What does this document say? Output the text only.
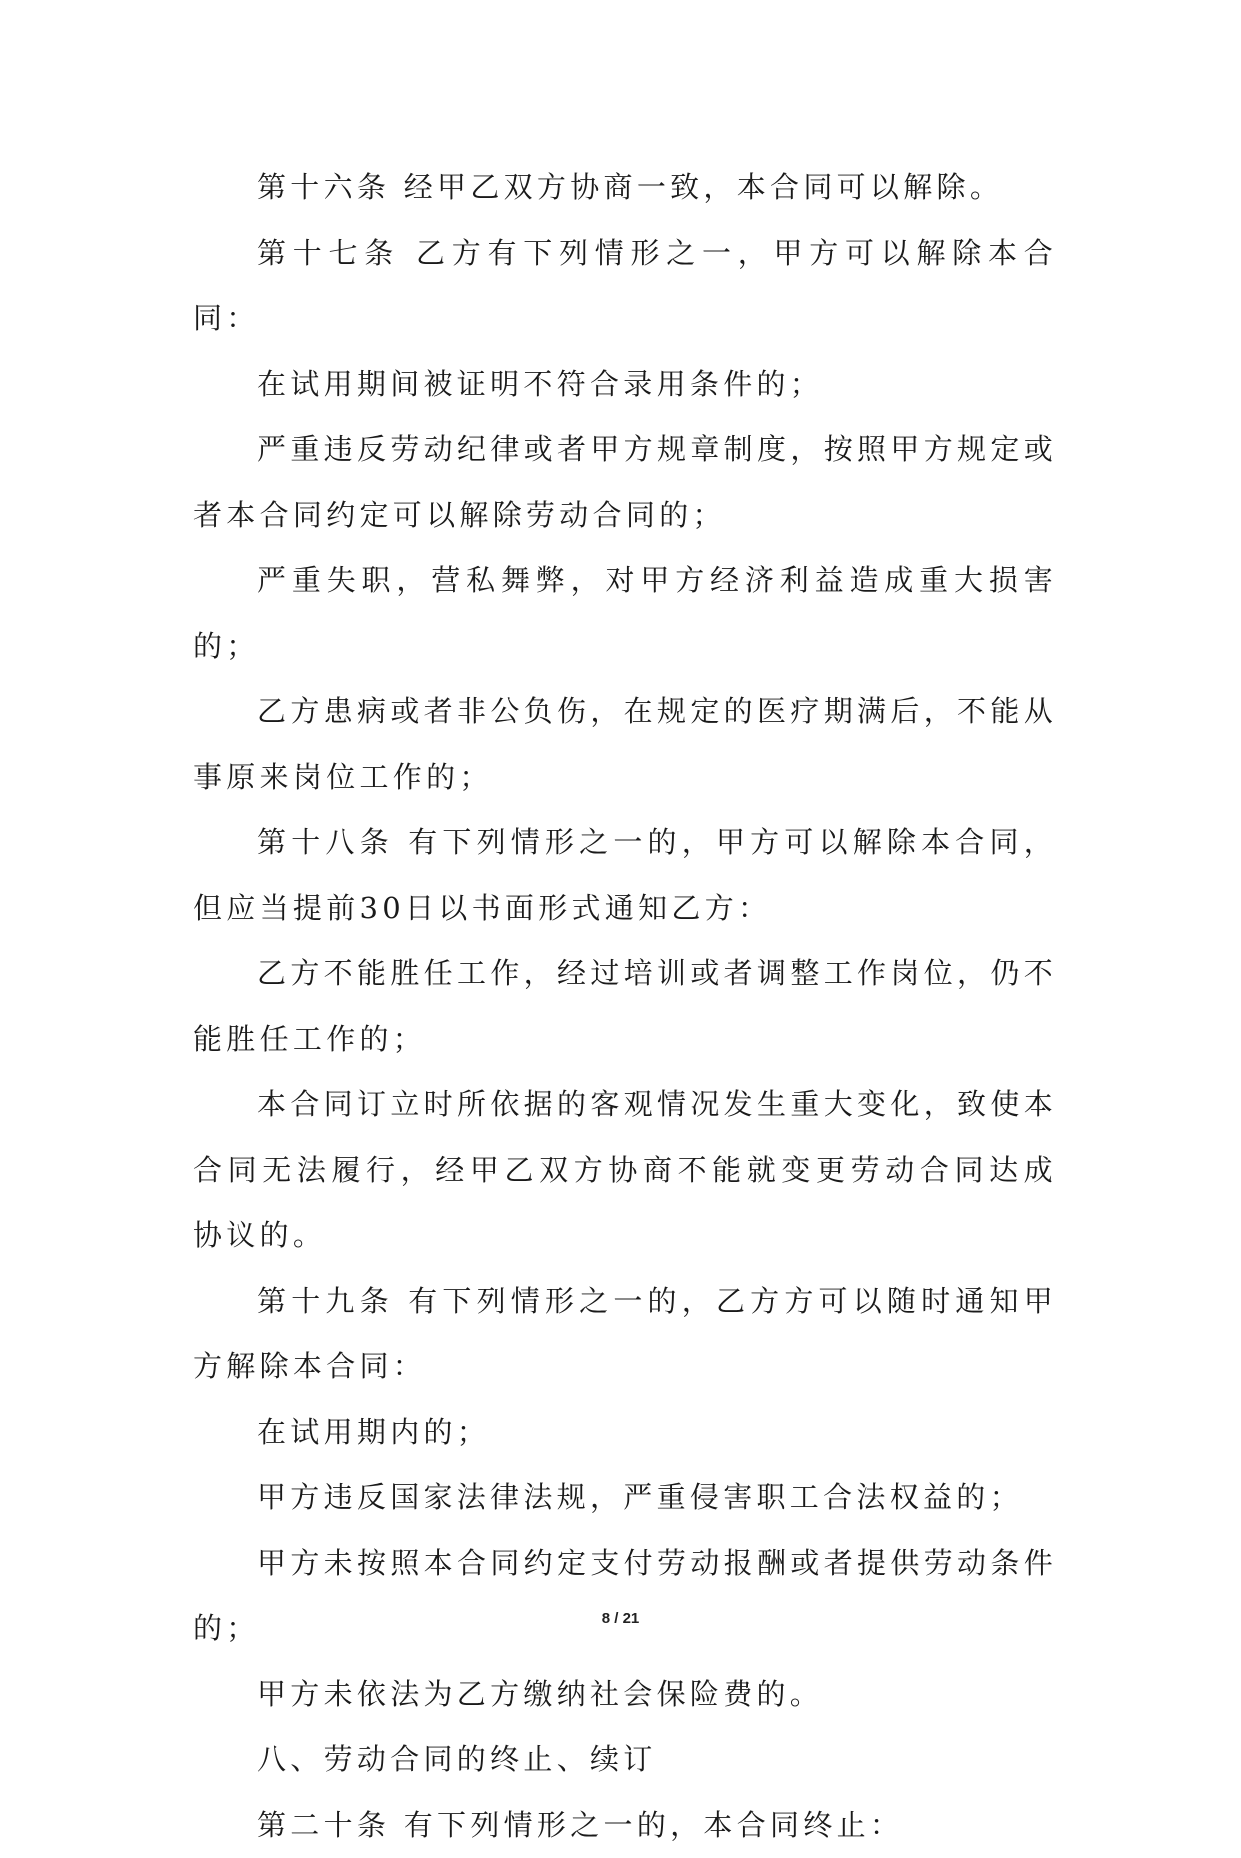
第十六条 经甲乙双方协商一致，本合同可以解除。

第十七条 乙方有下列情形之一，甲方可以解除本合同：

在试用期间被证明不符合录用条件的；

严重违反劳动纪律或者甲方规章制度，按照甲方规定或者本合同约定可以解除劳动合同的；

严重失职，营私舞弊，对甲方经济利益造成重大损害的；

乙方患病或者非公负伤，在规定的医疗期满后，不能从事原来岗位工作的；

第十八条 有下列情形之一的，甲方可以解除本合同，但应当提前30日以书面形式通知乙方：

乙方不能胜任工作，经过培训或者调整工作岗位，仍不能胜任工作的；

本合同订立时所依据的客观情况发生重大变化，致使本合同无法履行，经甲乙双方协商不能就变更劳动合同达成协议的。

第十九条 有下列情形之一的，乙方方可以随时通知甲方解除本合同：

在试用期内的；

甲方违反国家法律法规，严重侵害职工合法权益的；

甲方未按照本合同约定支付劳动报酬或者提供劳动条件的；

甲方未依法为乙方缴纳社会保险费的。

八、劳动合同的终止、续订

第二十条 有下列情形之一的，本合同终止：

8 / 21
